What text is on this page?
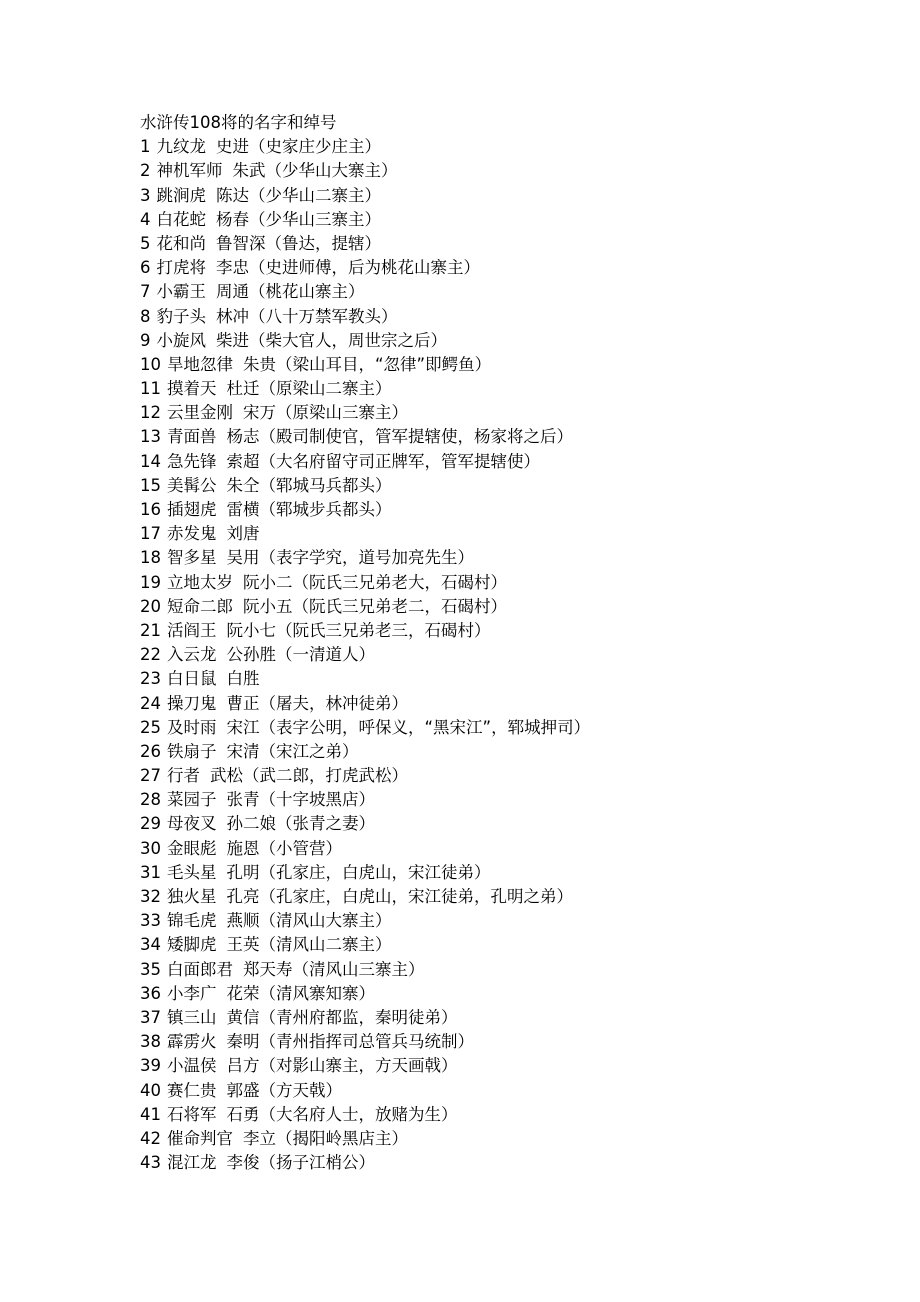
水浒传108将的名字和绰号
1 九纹龙 史进（史家庄少庄主）
2 神机军师 朱武（少华山大寨主）
3 跳涧虎 陈达（少华山二寨主）
4 白花蛇 杨春（少华山三寨主）
5 花和尚 鲁智深（鲁达，提辖）
6 打虎将 李忠（史进师傅，后为桃花山寨主）
7 小霸王 周通（桃花山寨主）
8 豹子头 林冲（八十万禁军教头）
9 小旋风 柴进（柴大官人，周世宗之后）
10 旱地忽律 朱贵（梁山耳目，“忽律”即鳄鱼）
11 摸着天 杜迁（原梁山二寨主）
12 云里金刚 宋万（原梁山三寨主）
13 青面兽 杨志（殿司制使官，管军提辖使，杨家将之后）
14 急先锋 索超（大名府留守司正牌军，管军提辖使）
15 美髯公 朱仝（郓城马兵都头）
16 插翅虎 雷横（郓城步兵都头）
17 赤发鬼 刘唐
18 智多星 吴用（表字学究，道号加亮先生）
19 立地太岁 阮小二（阮氏三兄弟老大，石碣村）
20 短命二郎 阮小五（阮氏三兄弟老二，石碣村）
21 活阎王 阮小七（阮氏三兄弟老三，石碣村）
22 入云龙 公孙胜（一清道人）
23 白日鼠 白胜
24 操刀鬼 曹正（屠夫，林冲徒弟）
25 及时雨 宋江（表字公明，呼保义，“黑宋江”，郓城押司）
26 铁扇子 宋清（宋江之弟）
27 行者 武松（武二郎，打虎武松）
28 菜园子 张青（十字坡黑店）
29 母夜叉 孙二娘（张青之妻）
30 金眼彪 施恩（小管营）
31 毛头星 孔明（孔家庄，白虎山，宋江徒弟）
32 独火星 孔亮（孔家庄，白虎山，宋江徒弟，孔明之弟）
33 锦毛虎 燕顺（清风山大寨主）
34 矮脚虎 王英（清风山二寨主）
35 白面郎君 郑天寿（清风山三寨主）
36 小李广 花荣（清风寨知寨）
37 镇三山 黄信（青州府都监，秦明徒弟）
38 霹雳火 秦明（青州指挥司总管兵马统制）
39 小温侯 吕方（对影山寨主，方天画戟）
40 赛仁贵 郭盛（方天戟）
41 石将军 石勇（大名府人士，放赌为生）
42 催命判官 李立（揭阳岭黑店主）
43 混江龙 李俊（扬子江梢公）
